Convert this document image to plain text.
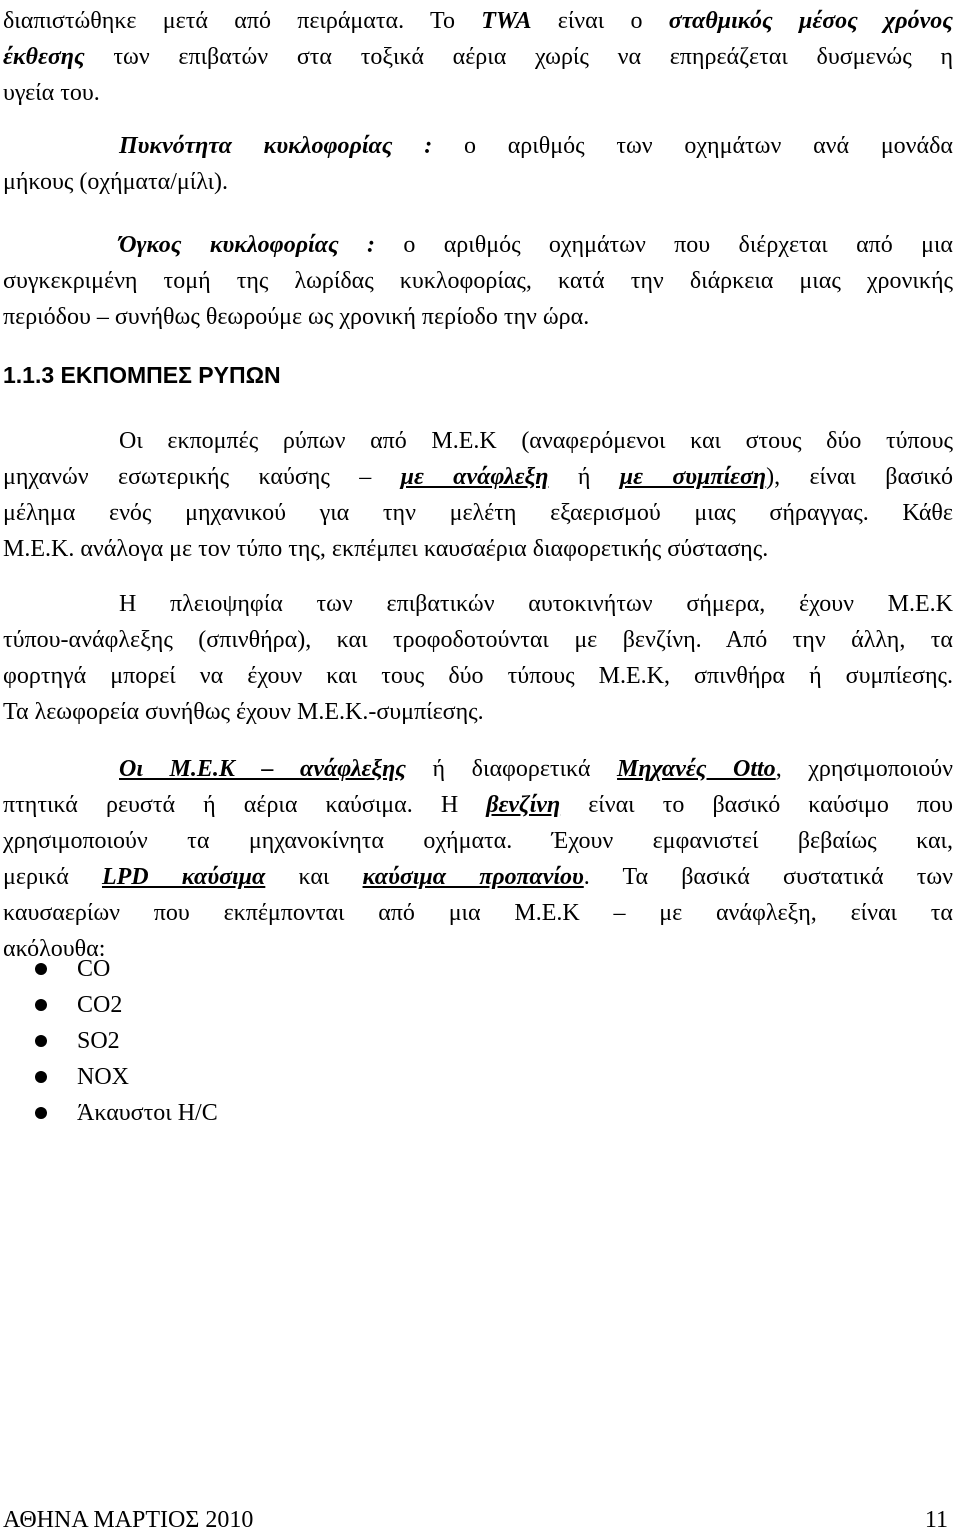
διαπιστώθηκε μετά από πειράματα. Το TWA είναι ο σταθμικός μέσος χρόνος
έκθεσης των επιβατών στα τοξικά αέρια χωρίς να επηρεάζεται δυσμενώς η
υγεία του.
Πυκνότητα κυκλοφορίας : ο αριθμός των οχημάτων ανά μονάδα
μήκους (οχήματα/μίλι).
Όγκος κυκλοφορίας : ο αριθμός οχημάτων που διέρχεται από μια
συγκεκριμένη τομή της λωρίδας κυκλοφορίας, κατά την διάρκεια μιας χρονικής
περιόδου – συνήθως θεωρούμε ως χρονική περίοδο την ώρα.
1.1.3 ΕΚΠΟΜΠΕΣ ΡΥΠΩΝ
Οι εκπομπές ρύπων από Μ.Ε.Κ (αναφερόμενοι και στους δύο τύπους
μηχανών εσωτερικής καύσης – με ανάφλεξη ή με συμπίεση), είναι βασικό
μέλημα ενός μηχανικού για την μελέτη εξαερισμού μιας σήραγγας. Κάθε
Μ.Ε.Κ. ανάλογα με τον τύπο της, εκπέμπει καυσαέρια διαφορετικής σύστασης.
Η πλειοψηφία των επιβατικών αυτοκινήτων σήμερα, έχουν Μ.Ε.Κ
τύπου-ανάφλεξης (σπινθήρα), και τροφοδοτούνται με βενζίνη. Από την άλλη, τα
φορτηγά μπορεί να έχουν και τους δύο τύπους Μ.Ε.Κ, σπινθήρα ή συμπίεσης.
Τα λεωφορεία συνήθως έχουν Μ.Ε.Κ.-συμπίεσης.
Οι Μ.Ε.Κ – ανάφλεξης ή διαφορετικά Μηχανές Otto, χρησιμοποιούν
πτητικά ρευστά ή αέρια καύσιμα. Η βενζίνη είναι το βασικό καύσιμο που
χρησιμοποιούν τα μηχανοκίνητα οχήματα. Έχουν εμφανιστεί βεβαίως και,
μερικά LPD καύσιμα και καύσιμα προπανίου. Τα βασικά συστατικά των
καυσαερίων που εκπέμπονται από μια Μ.Ε.Κ – με ανάφλεξη, είναι τα
ακόλουθα:
CO
CO2
SO2
NOX
Άκαυστοι H/C
ΑΘΗΝΑ ΜΑΡΤΙΟΣ 2010	11
